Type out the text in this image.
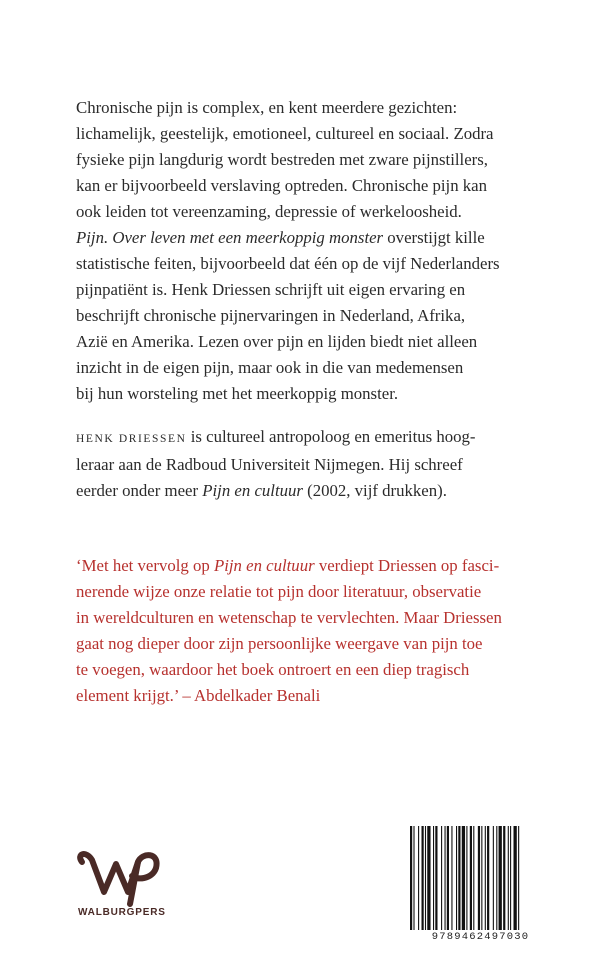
Chronische pijn is complex, en kent meerdere gezichten:
lichamelijk, geestelijk, emotioneel, cultureel en sociaal. Zodra
fysieke pijn langdurig wordt bestreden met zware pijnstillers,
kan er bijvoorbeeld verslaving optreden. Chronische pijn kan
ook leiden tot vereenzaming, depressie of werkeloosheid.
Pijn. Over leven met een meerkoppig monster overstijgt kille
statistische feiten, bijvoorbeeld dat één op de vijf Nederlanders
pijnpatiënt is. Henk Driessen schrijft uit eigen ervaring en
beschrijft chronische pijnervaringen in Nederland, Afrika,
Azië en Amerika. Lezen over pijn en lijden biedt niet alleen
inzicht in de eigen pijn, maar ook in die van medemensen
bij hun worsteling met het meerkoppig monster.
HENK DRIESSEN is cultureel antropoloog en emeritus hoog-
leraar aan de Radboud Universiteit Nijmegen. Hij schreef
eerder onder meer Pijn en cultuur (2002, vijf drukken).
‘Met het vervolg op Pijn en cultuur verdiept Driessen op fasci-
nerende wijze onze relatie tot pijn door literatuur, observatie
in wereldculturen en wetenschap te vervlechten. Maar Driessen
gaat nog dieper door zijn persoonlijke weergave van pijn toe
te voegen, waardoor het boek ontroert en een diep tragisch
element krijgt.’ – Abdelkader Benali
WALBURGPERS
9789462497030
